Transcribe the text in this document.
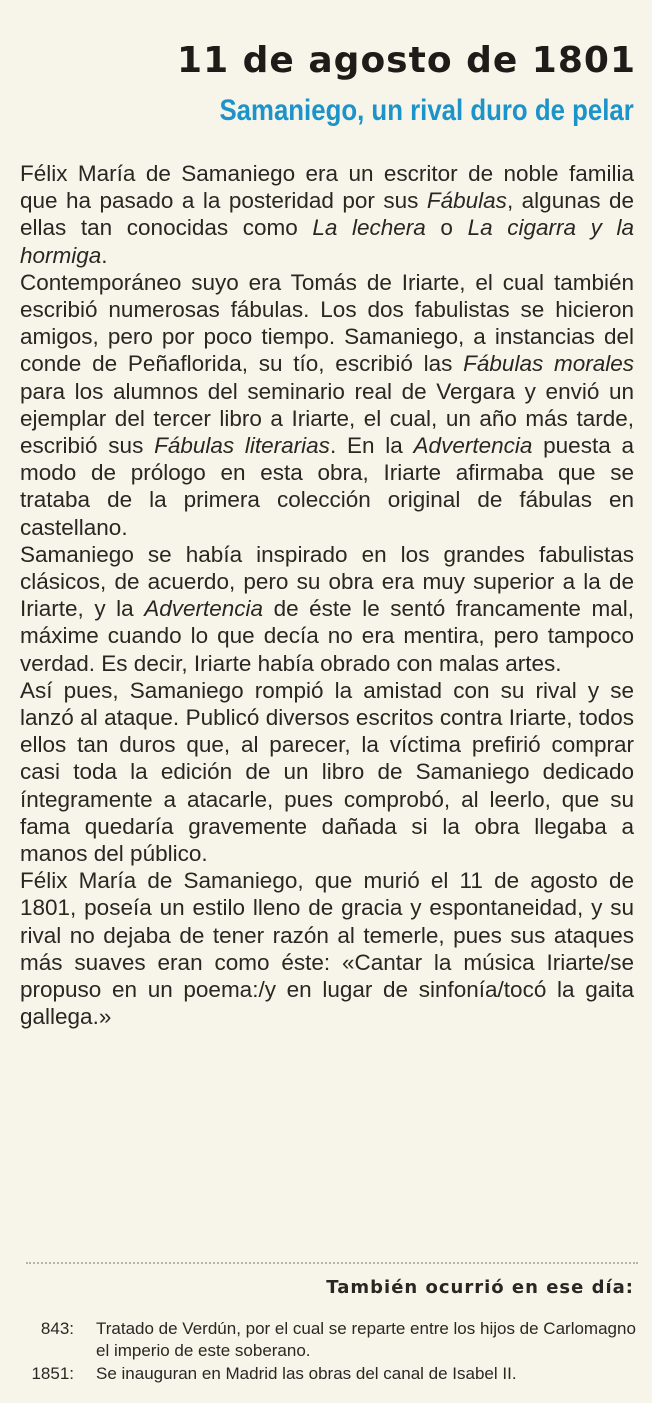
11 de agosto de 1801
Samaniego, un rival duro de pelar

Félix María de Samaniego era un escritor de noble familia que ha pasado a la posteridad por sus Fábulas, algunas de ellas tan conocidas como La lechera o La cigarra y la hormiga.

Contemporáneo suyo era Tomás de Iriarte, el cual también escribió numerosas fábulas. Los dos fabulistas se hicieron amigos, pero por poco tiempo. Samaniego, a instancias del conde de Peñaflorida, su tío, escribió las Fábulas morales para los alumnos del seminario real de Vergara y envió un ejemplar del tercer libro a Iriarte, el cual, un año más tarde, escribió sus Fábulas literarias. En la Advertencia puesta a modo de prólogo en esta obra, Iriarte afirmaba que se trataba de la primera colección original de fábulas en castellano.

Samaniego se había inspirado en los grandes fabulistas clásicos, de acuerdo, pero su obra era muy superior a la de Iriarte, y la Advertencia de éste le sentó francamente mal, máxime cuando lo que decía no era mentira, pero tampoco verdad. Es decir, Iriarte había obrado con malas artes.

Así pues, Samaniego rompió la amistad con su rival y se lanzó al ataque. Publicó diversos escritos contra Iriarte, todos ellos tan duros que, al parecer, la víctima prefirió comprar casi toda la edición de un libro de Samaniego dedicado íntegramente a atacarle, pues comprobó, al leerlo, que su fama quedaría gravemente dañada si la obra llegaba a manos del público.

Félix María de Samaniego, que murió el 11 de agosto de 1801, poseía un estilo lleno de gracia y espontaneidad, y su rival no dejaba de tener razón al temerle, pues sus ataques más suaves eran como éste: «Cantar la música Iriarte/se propuso en un poema:/y en lugar de sinfonía/tocó la gaita gallega.»

También ocurrió en ese día:
843:	Tratado de Verdún, por el cual se reparte entre los hijos de Carlomagno el imperio de este soberano.
1851:	Se inauguran en Madrid las obras del canal de Isabel II.
